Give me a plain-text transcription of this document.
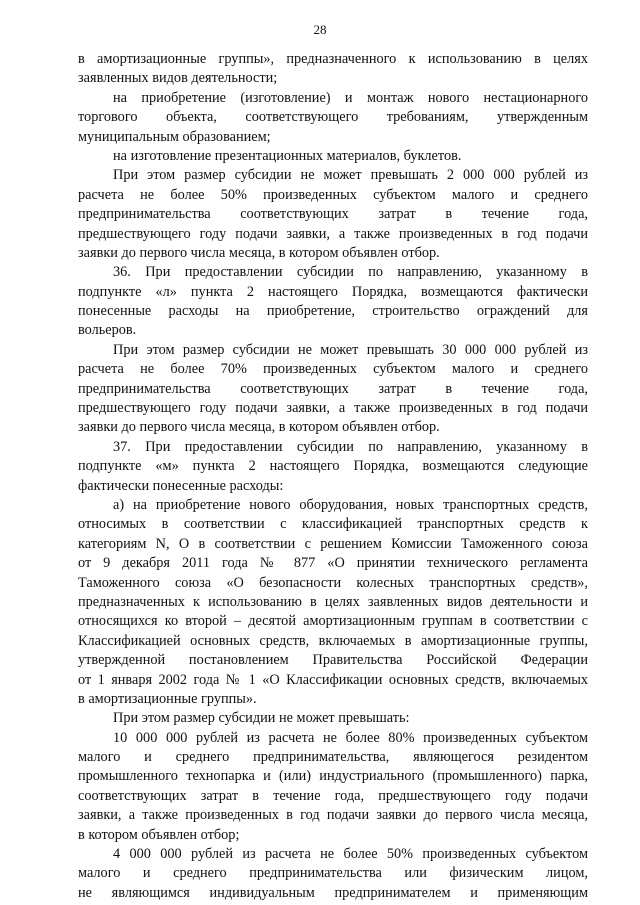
28
в амортизационные группы», предназначенного к использованию в целях
заявленных видов деятельности;
на приобретение (изготовление) и монтаж нового нестационарного
торгового объекта, соответствующего требованиям, утвержденным
муниципальным образованием;
на изготовление презентационных материалов, буклетов.
При этом размер субсидии не может превышать 2 000 000 рублей из
расчета не более 50% произведенных субъектом малого и среднего
предпринимательства соответствующих затрат в течение года,
предшествующего году подачи заявки, а также произведенных в год подачи
заявки до первого числа месяца, в котором объявлен отбор.
36. При предоставлении субсидии по направлению, указанному в
подпункте «л» пункта 2 настоящего Порядка, возмещаются фактически
понесенные расходы на приобретение, строительство ограждений для
вольеров.
При этом размер субсидии не может превышать 30 000 000 рублей из
расчета не более 70% произведенных субъектом малого и среднего
предпринимательства соответствующих затрат в течение года,
предшествующего году подачи заявки, а также произведенных в год подачи
заявки до первого числа месяца, в котором объявлен отбор.
37. При предоставлении субсидии по направлению, указанному в
подпункте «м» пункта 2 настоящего Порядка, возмещаются следующие
фактически понесенные расходы:
а) на приобретение нового оборудования, новых транспортных средств,
относимых в соответствии с классификацией транспортных средств к
категориям N, O в соответствии с решением Комиссии Таможенного союза
от 9 декабря 2011 года № 877 «О принятии технического регламента
Таможенного союза «О безопасности колесных транспортных средств»,
предназначенных к использованию в целях заявленных видов деятельности и
относящихся ко второй – десятой амортизационным группам в соответствии с
Классификацией основных средств, включаемых в амортизационные группы,
утвержденной постановлением Правительства Российской Федерации
от 1 января 2002 года № 1 «О Классификации основных средств, включаемых
в амортизационные группы».
При этом размер субсидии не может превышать:
10 000 000 рублей из расчета не более 80% произведенных субъектом
малого и среднего предпринимательства, являющегося резидентом
промышленного технопарка и (или) индустриального (промышленного) парка,
соответствующих затрат в течение года, предшествующего году подачи
заявки, а также произведенных в год подачи заявки до первого числа месяца,
в котором объявлен отбор;
4 000 000 рублей из расчета не более 50% произведенных субъектом
малого и среднего предпринимательства или физическим лицом,
не являющимся индивидуальным предпринимателем и применяющим
